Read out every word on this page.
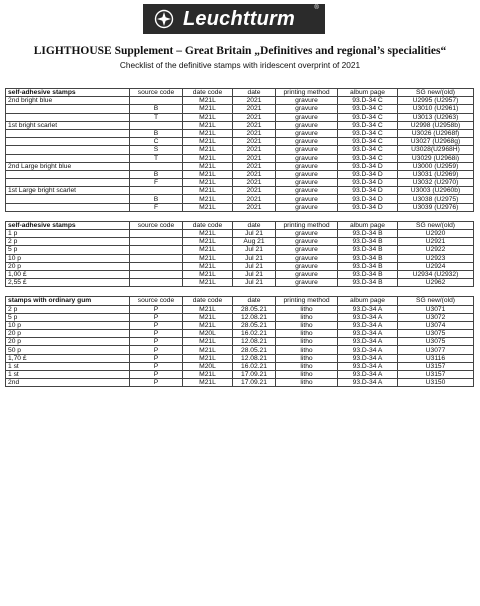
Leuchtturm	®
LIGHTHOUSE Supplement – Great Britain „Definitives and regional’s specialities“
Checklist of the definitive stamps with iridescent overprint of 2021
self-adhesive stamps	source code	date code	date	printing method	album page	SG new/(old)
2nd bright blue		M21L	2021	gravure	93.D-34 C	U2995 (U2957)
	B	M21L	2021	gravure	93.D-34 C	U3010 (U2961)
	T	M21L	2021	gravure	93.D-34 C	U3013 (U2963)
1st bright scarlet		M21L	2021	gravure	93.D-34 C	U2998 (U2958b)
	B	M21L	2021	gravure	93.D-34 C	U3026 (U2968f)
	C	M21L	2021	gravure	93.D-34 C	U3027 (U2968g)
	S	M21L	2021	gravure	93.D-34 C	U3028(U2968H)
	T	M21L	2021	gravure	93.D-34 C	U3029 (U2968i)
2nd Large bright blue		M21L	2021	gravure	93.D-34 D	U3000 (U2959)
	B	M21L	2021	gravure	93.D-34 D	U3031 (U2969)
	F	M21L	2021	gravure	93.D-34 D	U3032 (U2970)
1st Large bright scarlet		M21L	2021	gravure	93.D-34 D	U3003 (U2960b)
	B	M21L	2021	gravure	93.D-34 D	U3038 (U2975)
	F	M21L	2021	gravure	93.D-34 D	U3039 (U2976)

self-adhesive stamps	source code	date code	date	printing method	album page	SG new/(old)
1 p		M21L	Jul 21	gravure	93.D-34 B	U2920
2 p		M21L	Aug 21	gravure	93.D-34 B	U2921
5 p		M21L	Jul 21	gravure	93.D-34 B	U2922
10 p		M21L	Jul 21	gravure	93.D-34 B	U2923
20 p		M21L	Jul 21	gravure	93.D-34 B	U2924
1,00 £		M21L	Jul 21	gravure	93.D-34 B	U2934 (U2932)
2,55 £		M21L	Jul 21	gravure	93.D-34 B	U2962

stamps with ordinary gum	source code	date code	date	printing method	album page	SG new/(old)
2 p	P	M21L	28.05.21	litho	93.D-34 A	U3071
5 p	P	M21L	12.08.21	litho	93.D-34 A	U3072
10 p	P	M21L	28.05.21	litho	93.D-34 A	U3074
20 p	P	M20L	16.02.21	litho	93.D-34 A	U3075
20 p	P	M21L	12.08.21	litho	93.D-34 A	U3075
50 p	P	M21L	28.05.21	litho	93.D-34 A	U3077
1,70 £	P	M21L	12.08.21	litho	93.D-34 A	U3116
1 st	P	M20L	16.02.21	litho	93.D-34 A	U3157
1 st	P	M21L	17.09.21	litho	93.D-34 A	U3157
2nd	P	M21L	17.09.21	litho	93.D-34 A	U3150
